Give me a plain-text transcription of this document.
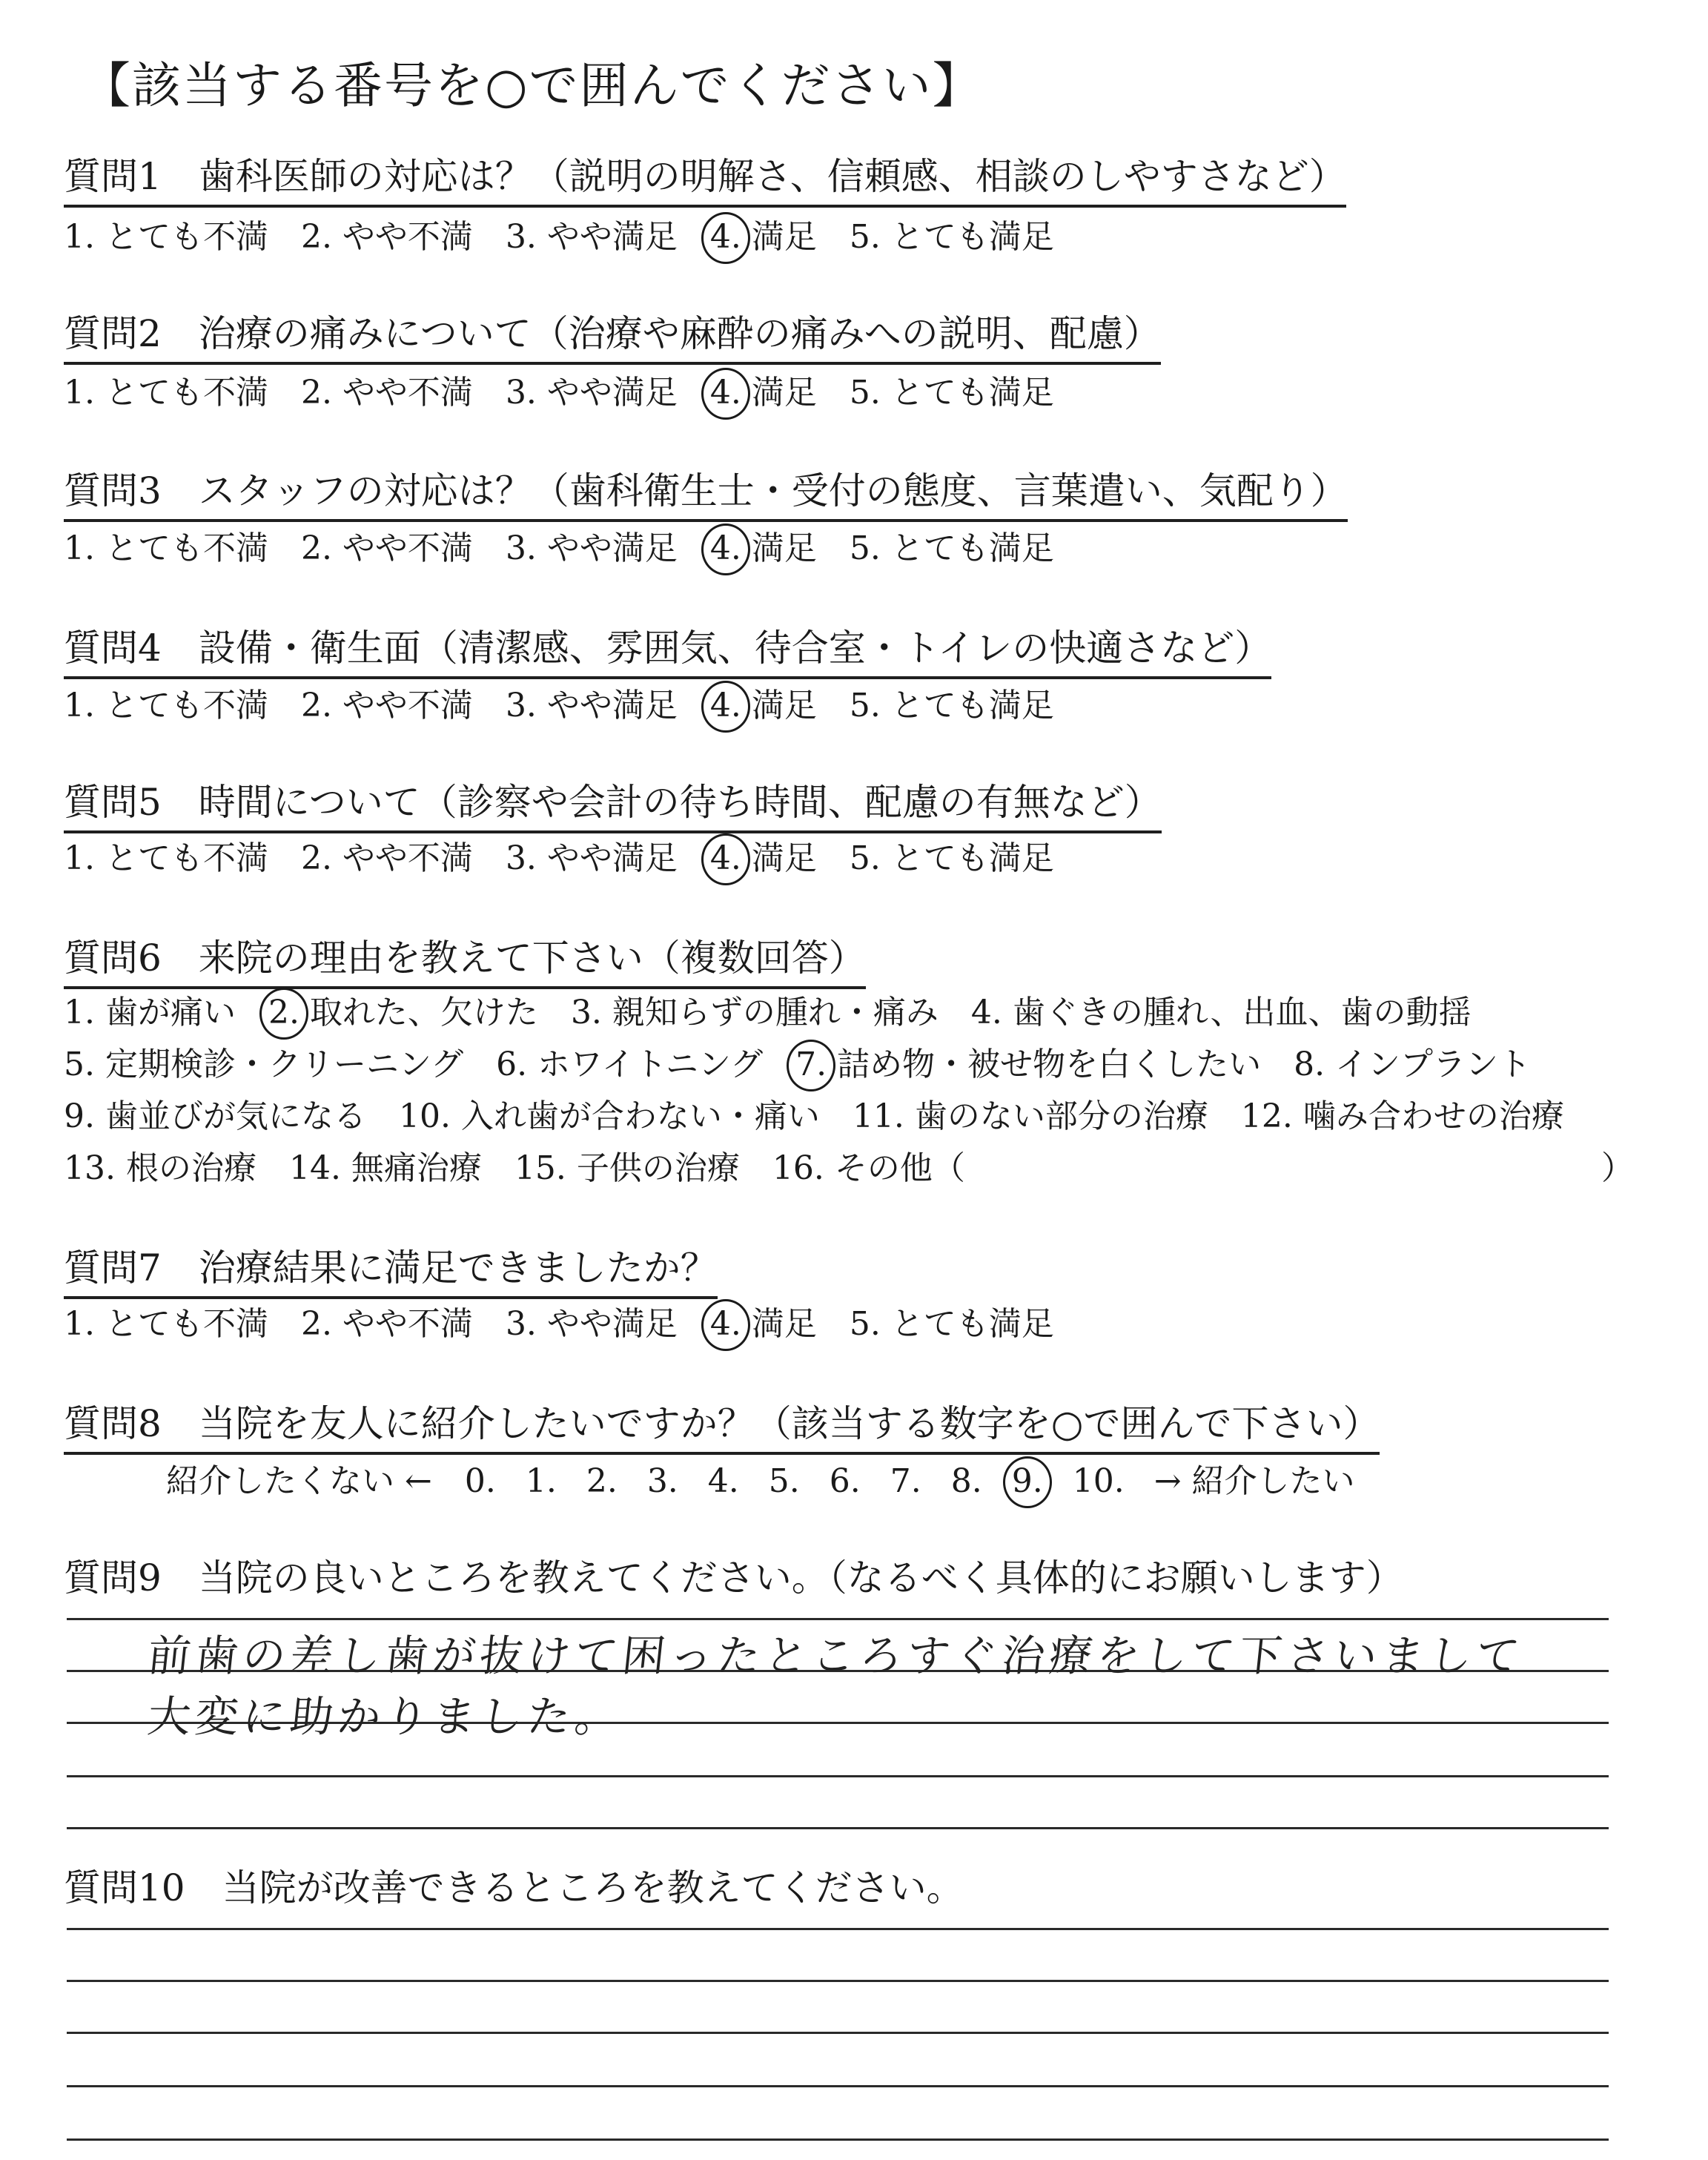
【該当する番号を○で囲んでください】
質問1　歯科医師の対応は？（説明の明解さ、信頼感、相談のしやすさなど）
1. とても不満 2. やや不満 3. やや満足 4. 満足 5. とても満足
質問2　治療の痛みについて（治療や麻酔の痛みへの説明、配慮）
1. とても不満 2. やや不満 3. やや満足 4. 満足 5. とても満足
質問3　スタッフの対応は？（歯科衛生士・受付の態度、言葉遣い、気配り）
1. とても不満 2. やや不満 3. やや満足 4. 満足 5. とても満足
質問4　設備・衛生面（清潔感、雰囲気、待合室・トイレの快適さなど）
1. とても不満 2. やや不満 3. やや満足 4. 満足 5. とても満足
質問5　時間について（診察や会計の待ち時間、配慮の有無など）
1. とても不満 2. やや不満 3. やや満足 4. 満足 5. とても満足
質問6　来院の理由を教えて下さい（複数回答）
1. 歯が痛い 2. 取れた、欠けた 3. 親知らずの腫れ・痛み 4. 歯ぐきの腫れ、出血、歯の動揺
5. 定期検診・クリーニング 6. ホワイトニング 7. 詰め物・被せ物を白くしたい 8. インプラント
9. 歯並びが気になる 10. 入れ歯が合わない・痛い 11. 歯のない部分の治療 12. 噛み合わせの治療
13. 根の治療 14. 無痛治療 15. 子供の治療 16. その他（	）
質問7　治療結果に満足できましたか？
1. とても不満 2. やや不満 3. やや満足 4. 満足 5. とても満足
質問8　当院を友人に紹介したいですか？（該当する数字を○で囲んで下さい）
紹介したくない ← 0. 1. 2. 3. 4. 5. 6. 7. 8. 9. 10. → 紹介したい
質問9　当院の良いところを教えてください。（なるべく具体的にお願いします）
前歯の差し歯が抜けて困ったところすぐ治療をして下さいまして
大変に助かりました。
質問10　当院が改善できるところを教えてください。
